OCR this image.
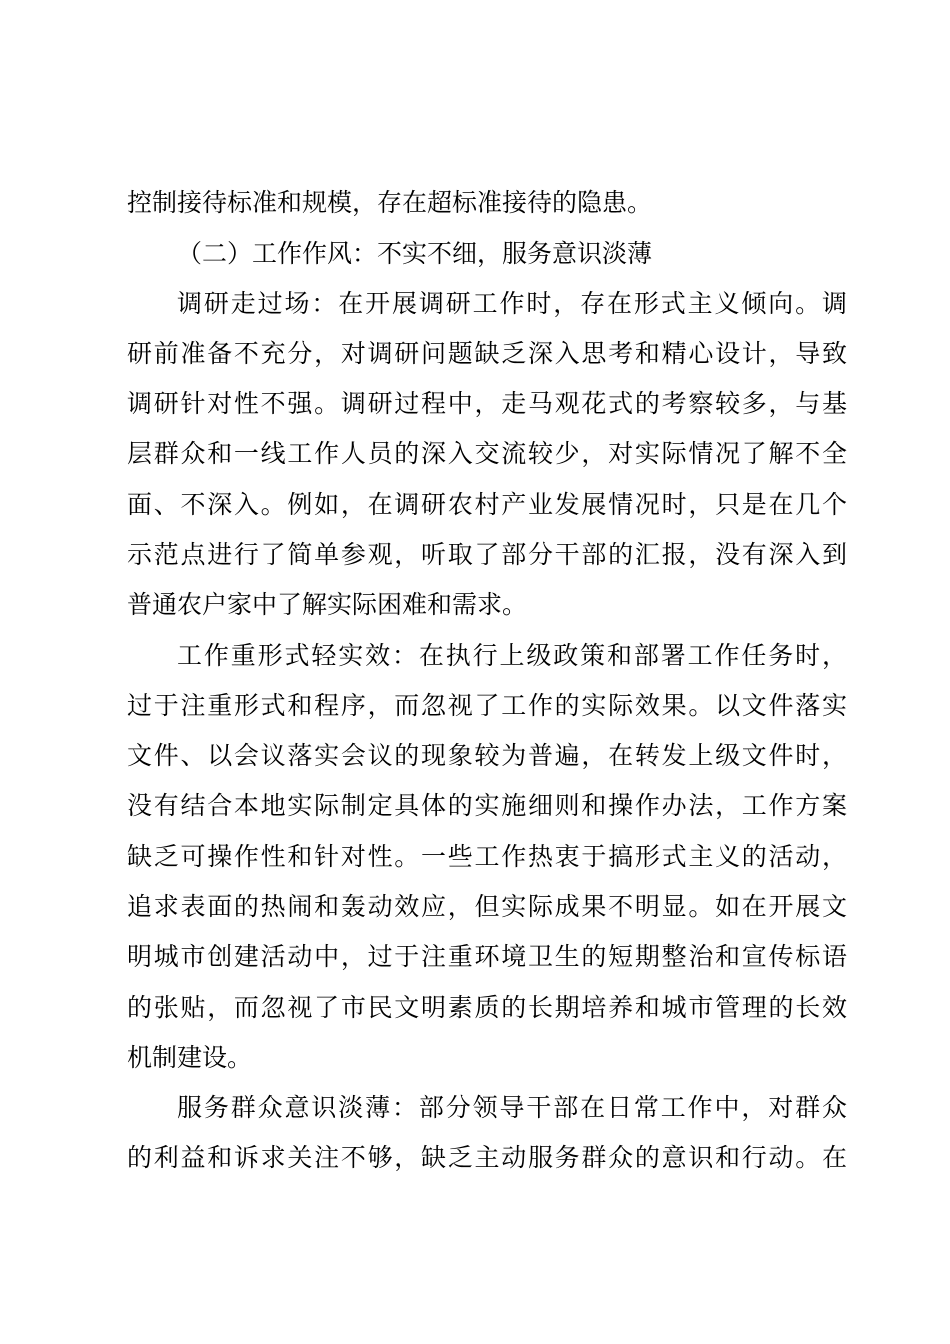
控制接待标准和规模，存在超标准接待的隐患。
（二）工作作风：不实不细，服务意识淡薄
调研走过场：在开展调研工作时，存在形式主义倾向。调
研前准备不充分，对调研问题缺乏深入思考和精心设计，导致
调研针对性不强。调研过程中，走马观花式的考察较多，与基
层群众和一线工作人员的深入交流较少，对实际情况了解不全
面、不深入。例如，在调研农村产业发展情况时，只是在几个
示范点进行了简单参观，听取了部分干部的汇报，没有深入到
普通农户家中了解实际困难和需求。
工作重形式轻实效：在执行上级政策和部署工作任务时，
过于注重形式和程序，而忽视了工作的实际效果。以文件落实
文件、以会议落实会议的现象较为普遍，在转发上级文件时，
没有结合本地实际制定具体的实施细则和操作办法，工作方案
缺乏可操作性和针对性。一些工作热衷于搞形式主义的活动，
追求表面的热闹和轰动效应，但实际成果不明显。如在开展文
明城市创建活动中，过于注重环境卫生的短期整治和宣传标语
的张贴，而忽视了市民文明素质的长期培养和城市管理的长效
机制建设。
服务群众意识淡薄：部分领导干部在日常工作中，对群众
的利益和诉求关注不够，缺乏主动服务群众的意识和行动。在
